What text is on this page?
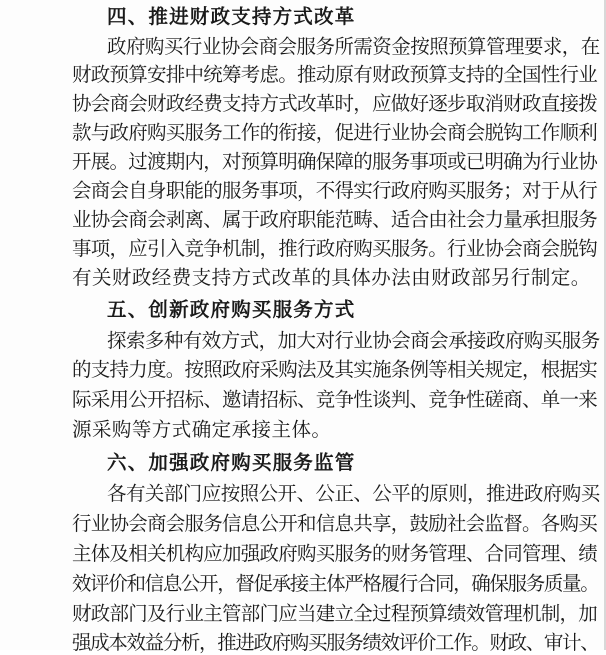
四、推进财政支持方式改革
政府购买行业协会商会服务所需资金按照预算管理要求，在
财政预算安排中统筹考虑。推动原有财政预算支持的全国性行业
协会商会财政经费支持方式改革时，应做好逐步取消财政直接拨
款与政府购买服务工作的衔接，促进行业协会商会脱钩工作顺利
开展。过渡期内，对预算明确保障的服务事项或已明确为行业协
会商会自身职能的服务事项，不得实行政府购买服务；对于从行
业协会商会剥离、属于政府职能范畴、适合由社会力量承担服务
事项，应引入竞争机制，推行政府购买服务。行业协会商会脱钩
有关财政经费支持方式改革的具体办法由财政部另行制定。
五、创新政府购买服务方式
探索多种有效方式，加大对行业协会商会承接政府购买服务
的支持力度。按照政府采购法及其实施条例等相关规定，根据实
际采用公开招标、邀请招标、竞争性谈判、竞争性磋商、单一来
源采购等方式确定承接主体。
六、加强政府购买服务监管
各有关部门应按照公开、公正、公平的原则，推进政府购买
行业协会商会服务信息公开和信息共享，鼓励社会监督。各购买
主体及相关机构应加强政府购买服务的财务管理、合同管理、绩
效评价和信息公开，督促承接主体严格履行合同，确保服务质量。
财政部门及行业主管部门应当建立全过程预算绩效管理机制，加
强成本效益分析，推进政府购买服务绩效评价工作。财政、审计、
